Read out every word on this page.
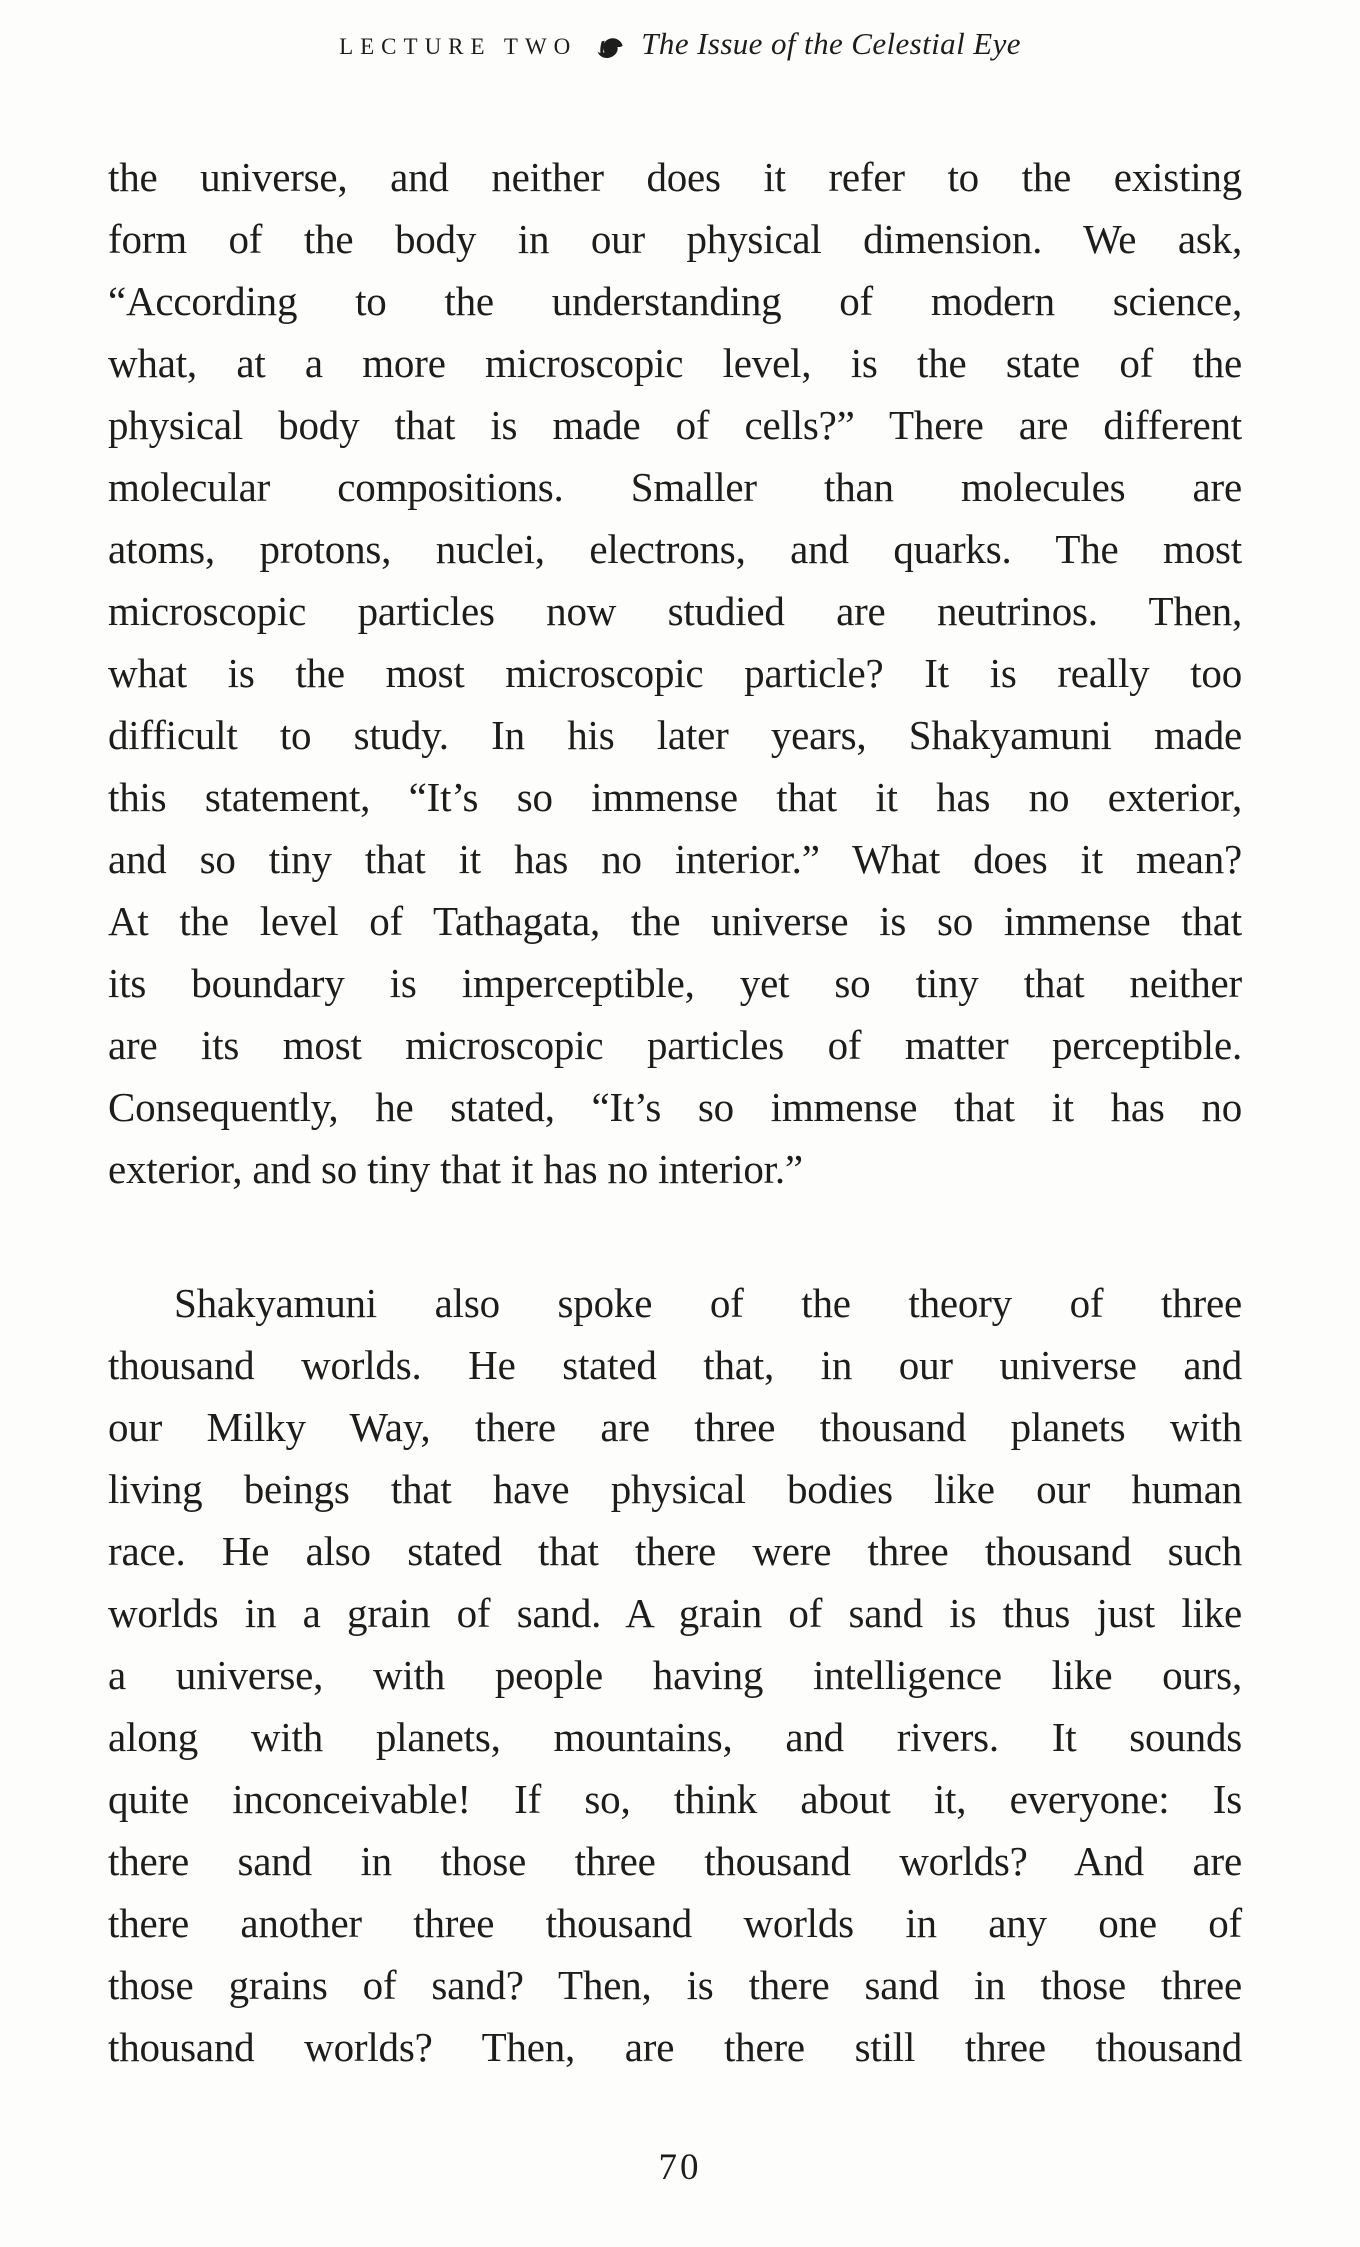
LECTURE TWO The Issue of the Celestial Eye
the universe, and neither does it refer to the existing
form of the body in our physical dimension. We ask,
“According to the understanding of modern science,
what, at a more microscopic level, is the state of the
physical body that is made of cells?” There are different
molecular compositions. Smaller than molecules are
atoms, protons, nuclei, electrons, and quarks. The most
microscopic particles now studied are neutrinos. Then,
what is the most microscopic particle? It is really too
difficult to study. In his later years, Shakyamuni made
this statement, “It’s so immense that it has no exterior,
and so tiny that it has no interior.” What does it mean?
At the level of Tathagata, the universe is so immense that
its boundary is imperceptible, yet so tiny that neither
are its most microscopic particles of matter perceptible.
Consequently, he stated, “It’s so immense that it has no
exterior, and so tiny that it has no interior.”
Shakyamuni also spoke of the theory of three
thousand worlds. He stated that, in our universe and
our Milky Way, there are three thousand planets with
living beings that have physical bodies like our human
race. He also stated that there were three thousand such
worlds in a grain of sand. A grain of sand is thus just like
a universe, with people having intelligence like ours,
along with planets, mountains, and rivers. It sounds
quite inconceivable! If so, think about it, everyone: Is
there sand in those three thousand worlds? And are
there another three thousand worlds in any one of
those grains of sand? Then, is there sand in those three
thousand worlds? Then, are there still three thousand
70
